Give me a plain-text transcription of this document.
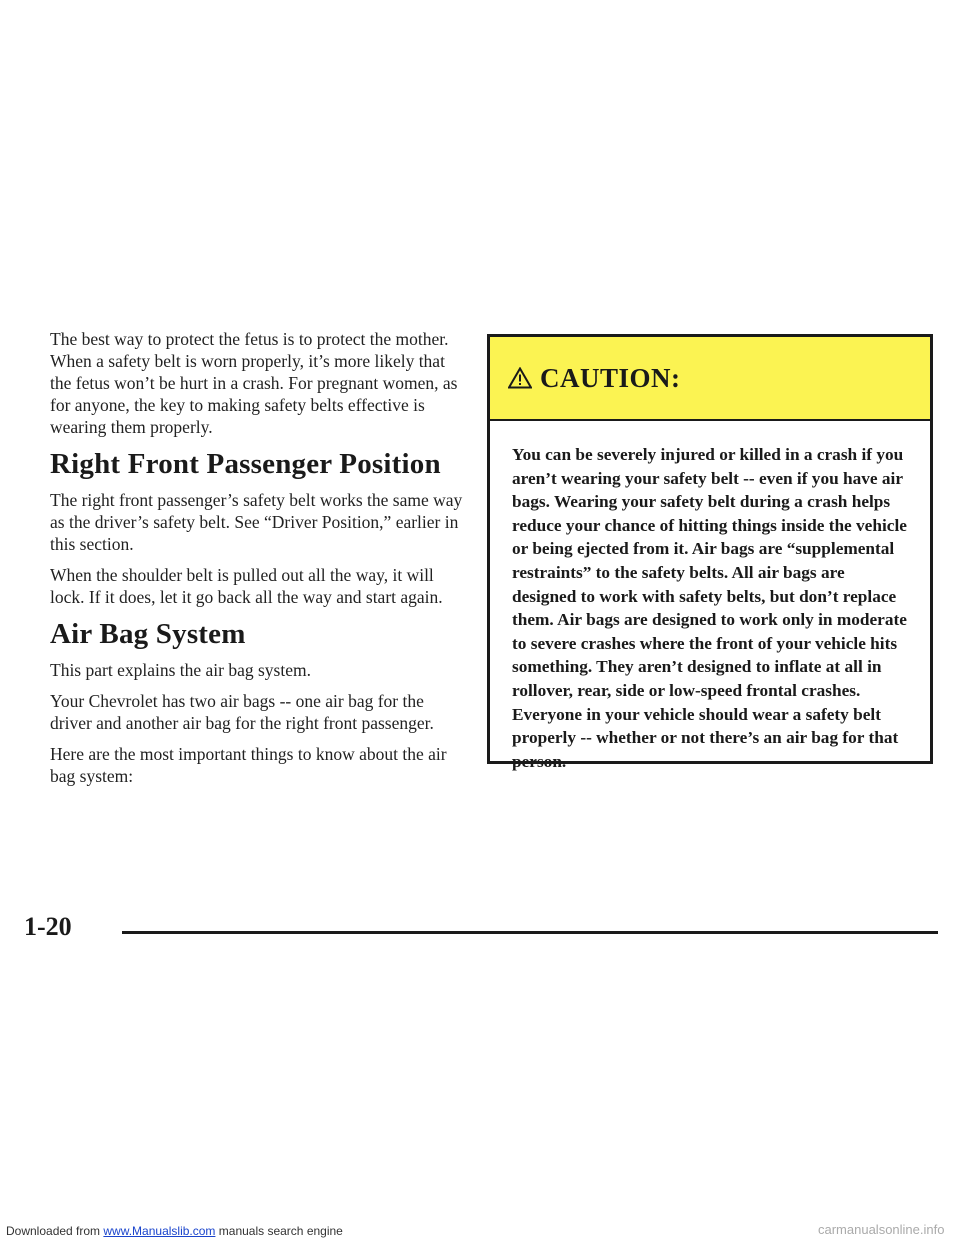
The best way to protect the fetus is to protect the mother. When a safety belt is worn properly, it’s more likely that the fetus won’t be hurt in a crash. For pregnant women, as for anyone, the key to making safety belts effective is wearing them properly.

Right Front Passenger Position

The right front passenger’s safety belt works the same way as the driver’s safety belt. See “Driver Position,” earlier in this section.

When the shoulder belt is pulled out all the way, it will lock. If it does, let it go back all the way and start again.

Air Bag System

This part explains the air bag system.

Your Chevrolet has two air bags -- one air bag for the driver and another air bag for the right front passenger.

Here are the most important things to know about the air bag system:

CAUTION:
You can be severely injured or killed in a crash if you aren’t wearing your safety belt -- even if you have air bags. Wearing your safety belt during a crash helps reduce your chance of hitting things inside the vehicle or being ejected from it. Air bags are “supplemental restraints” to the safety belts. All air bags are designed to work with safety belts, but don’t replace them. Air bags are designed to work only in moderate to severe crashes where the front of your vehicle hits something. They aren’t designed to inflate at all in rollover, rear, side or low-speed frontal crashes. Everyone in your vehicle should wear a safety belt properly -- whether or not there’s an air bag for that person.
1-20
Downloaded from www.Manualslib.com manuals search engine	carmanualsonline.info
